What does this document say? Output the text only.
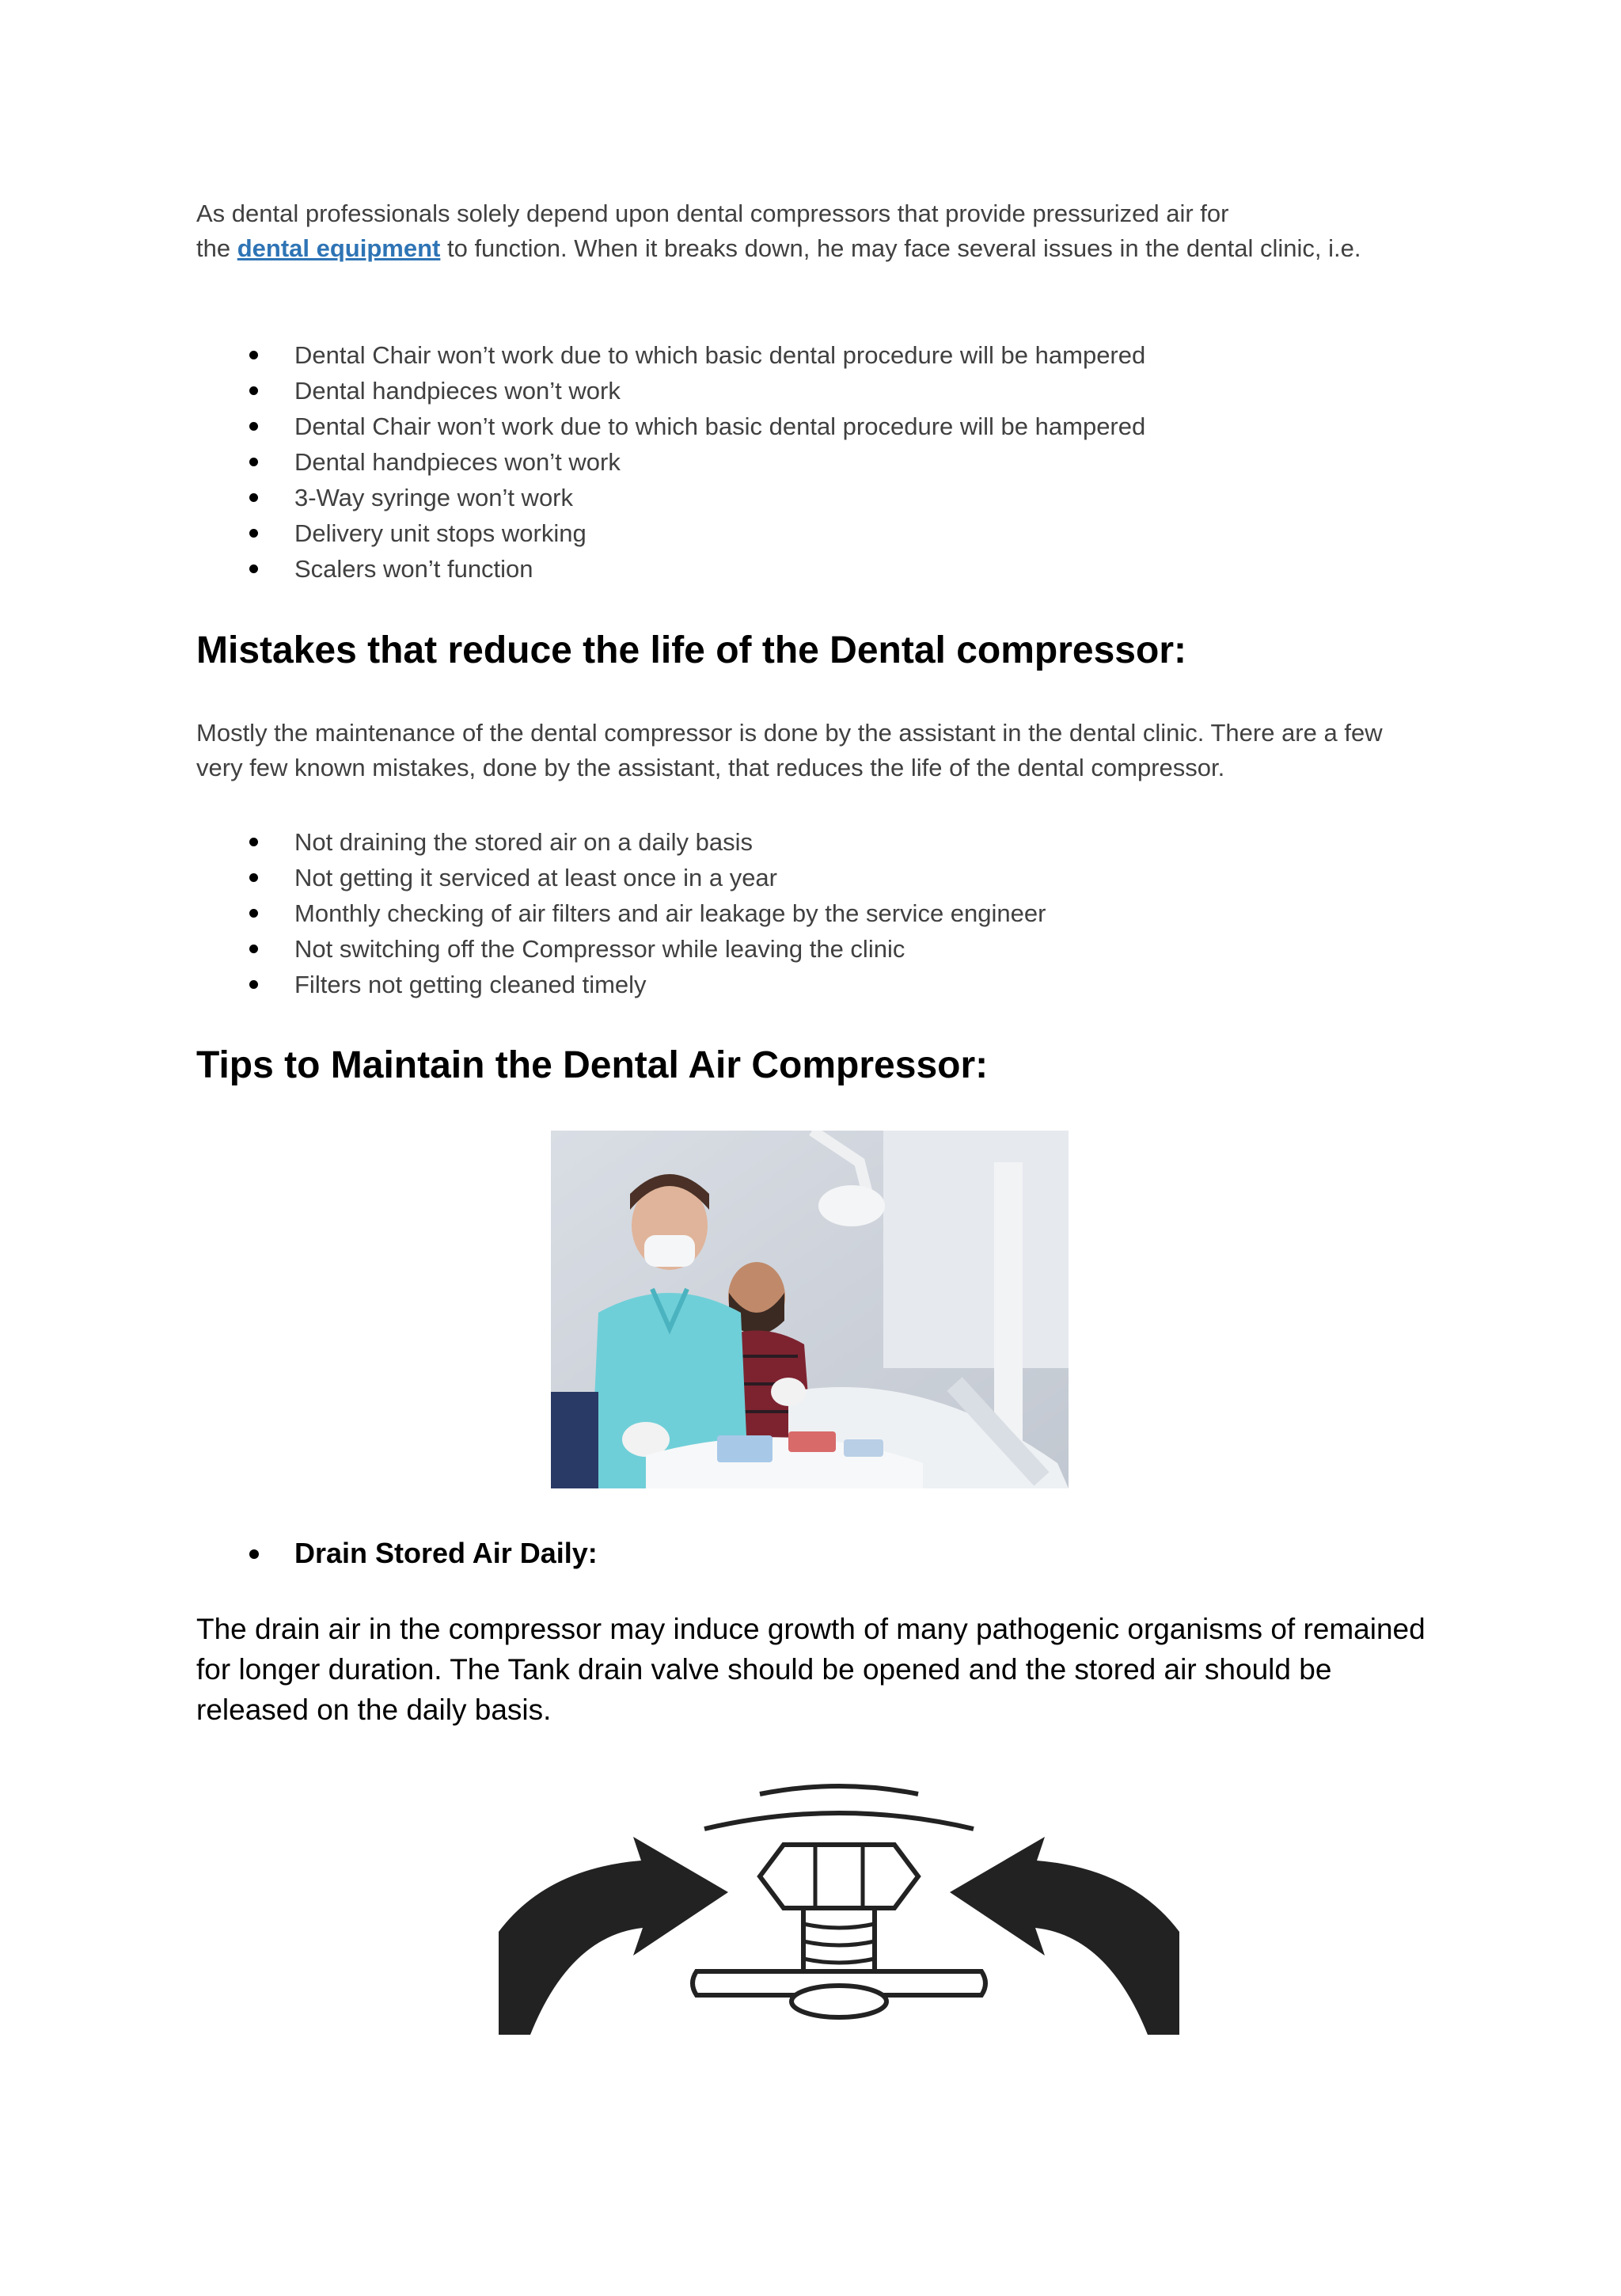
As dental professionals solely depend upon dental compressors that provide pressurized air for
the dental equipment to function. When it breaks down, he may face several issues in the dental clinic, i.e.

Dental Chair won’t work due to which basic dental procedure will be hampered
Dental handpieces won’t work
Dental Chair won’t work due to which basic dental procedure will be hampered
Dental handpieces won’t work
3-Way syringe won’t work
Delivery unit stops working
Scalers won’t function
Mistakes that reduce the life of the Dental compressor:

Mostly the maintenance of the dental compressor is done by the assistant in the dental clinic. There are a few very few known mistakes, done by the assistant, that reduces the life of the dental compressor.

Not draining the stored air on a daily basis
Not getting it serviced at least once in a year
Monthly checking of air filters and air leakage by the service engineer
Not switching off the Compressor while leaving the clinic
Filters not getting cleaned timely
Tips to Maintain the Dental Air Compressor:
Drain Stored Air Daily:

The drain air in the compressor may induce growth of many pathogenic organisms of remained for longer duration. The Tank drain valve should be opened and the stored air should be released on the daily basis.
